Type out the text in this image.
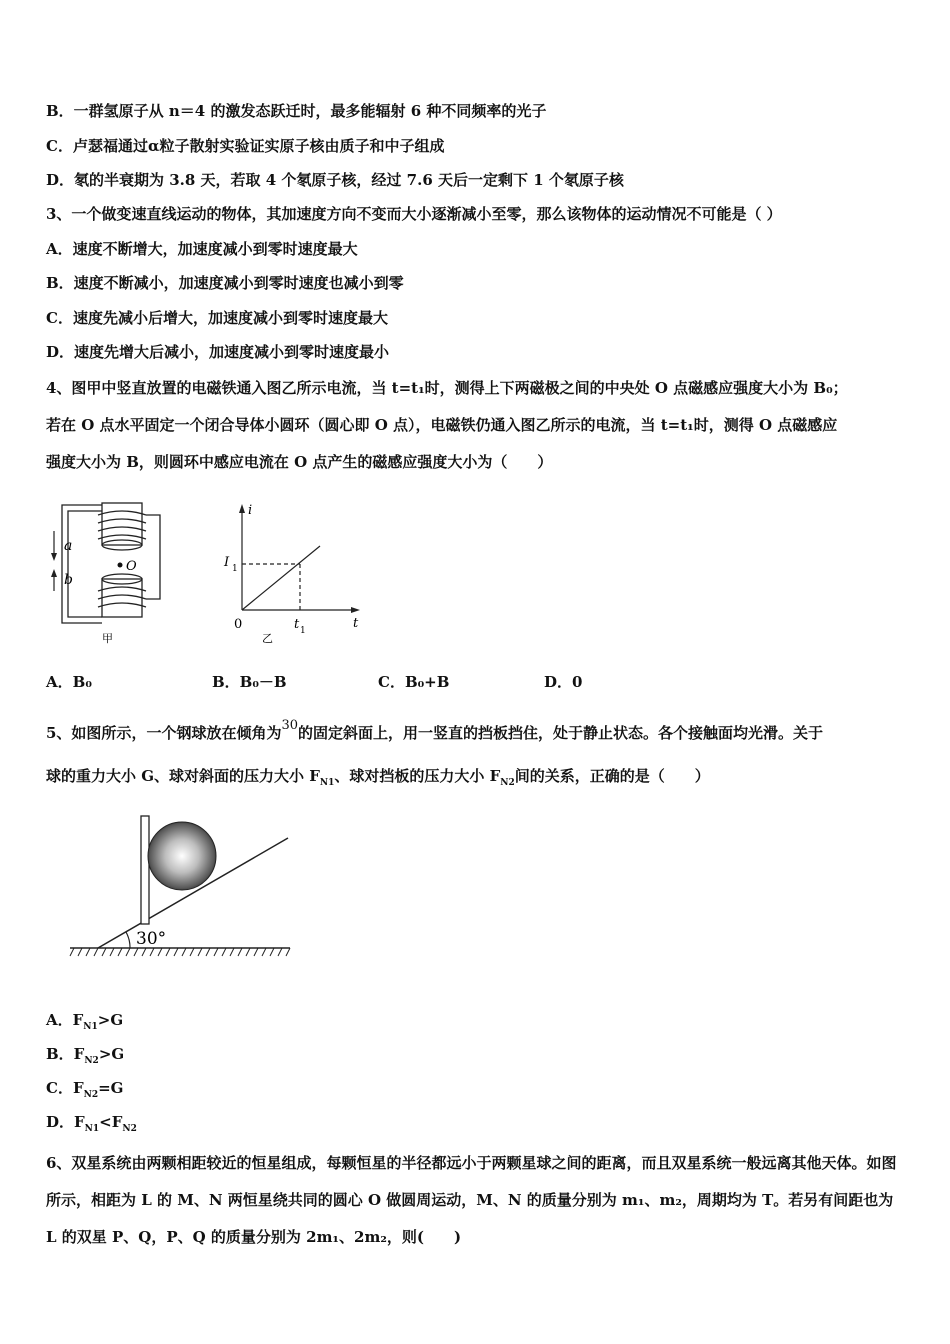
B．一群氢原子从 n＝4 的激发态跃迁时，最多能辐射 6 种不同频率的光子
C．卢瑟福通过α粒子散射实验证实原子核由质子和中子组成
D．氡的半衰期为 3.8 天，若取 4 个氡原子核，经过 7.6 天后一定剩下 1 个氡原子核
3、一个做变速直线运动的物体，其加速度方向不变而大小逐渐减小至零，那么该物体的运动情况不可能是（ ）
A．速度不断增大，加速度减小到零时速度最大
B．速度不断减小，加速度减小到零时速度也减小到零
C．速度先减小后增大，加速度减小到零时速度最大
D．速度先增大后减小，加速度减小到零时速度最小
4、图甲中竖直放置的电磁铁通入图乙所示电流，当 t=t₁时，测得上下两磁极之间的中央处 O 点磁感应强度大小为 B₀；
若在 O 点水平固定一个闭合导体小圆环（圆心即 O 点），电磁铁仍通入图乙所示的电流，当 t=t₁时，测得 O 点磁感应
强度大小为 B，则圆环中感应电流在 O 点产生的磁感应强度大小为（　　）
a
b
O
甲
i
t
0
I 1
t 1
乙
A．B₀	B．B₀－B	C．B₀+B	D．0
5、如图所示，一个钢球放在倾角为$^{30}$的固定斜面上，用一竖直的挡板挡住，处于静止状态。各个接触面均光滑。关于
球的重力大小 G、球对斜面的压力大小 $F_{N1}$、球对挡板的压力大小 $F_{N2}$间的关系，正确的是（　　）
30°
A．$F_{N1}>G$
B．$F_{N2}>G$
C．$F_{N2}=G$
D．$F_{N1}<F_{N2}$
6、双星系统由两颗相距较近的恒星组成，每颗恒星的半径都远小于两颗星球之间的距离，而且双星系统一般远离其他天体。如图所示，相距为 L 的 M、N 两恒星绕共同的圆心 O 做圆周运动，M、N 的质量分别为 m₁、m₂，周期均为 T。若另有间距也为 L 的双星 P、Q，P、Q 的质量分别为 2m₁、2m₂，则(　　)
